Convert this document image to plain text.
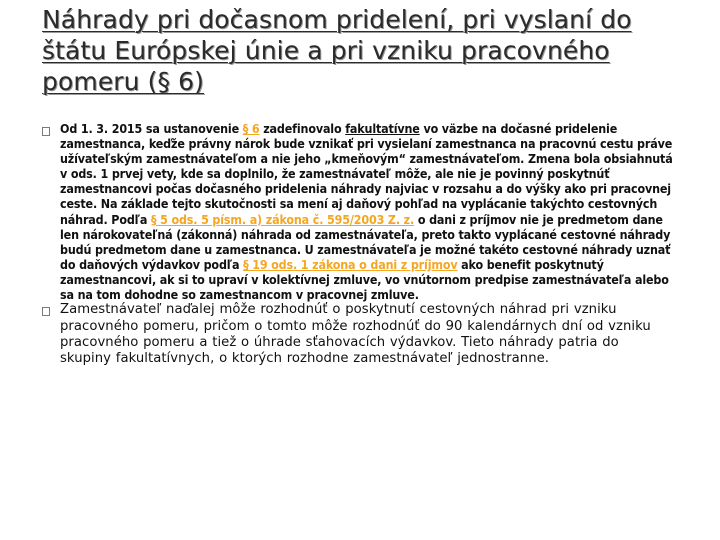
Náhrady pri dočasnom pridelení, pri vyslaní do štátu Európskej únie a pri vzniku pracovného pomeru (§ 6)
Od 1. 3. 2015 sa ustanovenie § 6 zadefinovalo fakultatívne vo väzbe na dočasné pridelenie zamestnanca, keďže právny nárok bude vznikať pri vysielaní zamestnanca na pracovnú cestu práve užívateľským zamestnávateľom a nie jeho „kmeňovým“ zamestnávateľom. Zmena bola obsiahnutá v ods. 1 prvej vety, kde sa doplnilo, že zamestnávateľ môže, ale nie je povinný poskytnúť zamestnancovi počas dočasného pridelenia náhrady najviac v rozsahu a do výšky ako pri pracovnej ceste. Na základe tejto skutočnosti sa mení aj daňový pohľad na vyplácanie takýchto cestovných náhrad. Podľa § 5 ods. 5 písm. a) zákona č. 595/2003 Z. z. o dani z príjmov nie je predmetom dane len nárokovateľná (zákonná) náhrada od zamestnávateľa, preto takto vyplácané cestovné náhrady budú predmetom dane u zamestnanca. U zamestnávateľa je možné takéto cestovné náhrady uznať do daňových výdavkov podľa § 19 ods. 1 zákona o dani z príjmov ako benefit poskytnutý zamestnancovi, ak si to upraví v kolektívnej zmluve, vo vnútornom predpise zamestnávateľa alebo sa na tom dohodne so zamestnancom v pracovnej zmluve.
Zamestnávateľ naďalej môže rozhodnúť o poskytnutí cestovných náhrad pri vzniku pracovného pomeru, pričom o tomto môže rozhodnúť do 90 kalendárnych dní od vzniku pracovného pomeru a tiež o úhrade sťahovacích výdavkov. Tieto náhrady patria do skupiny fakultatívnych, o ktorých rozhodne zamestnávateľ jednostranne.
